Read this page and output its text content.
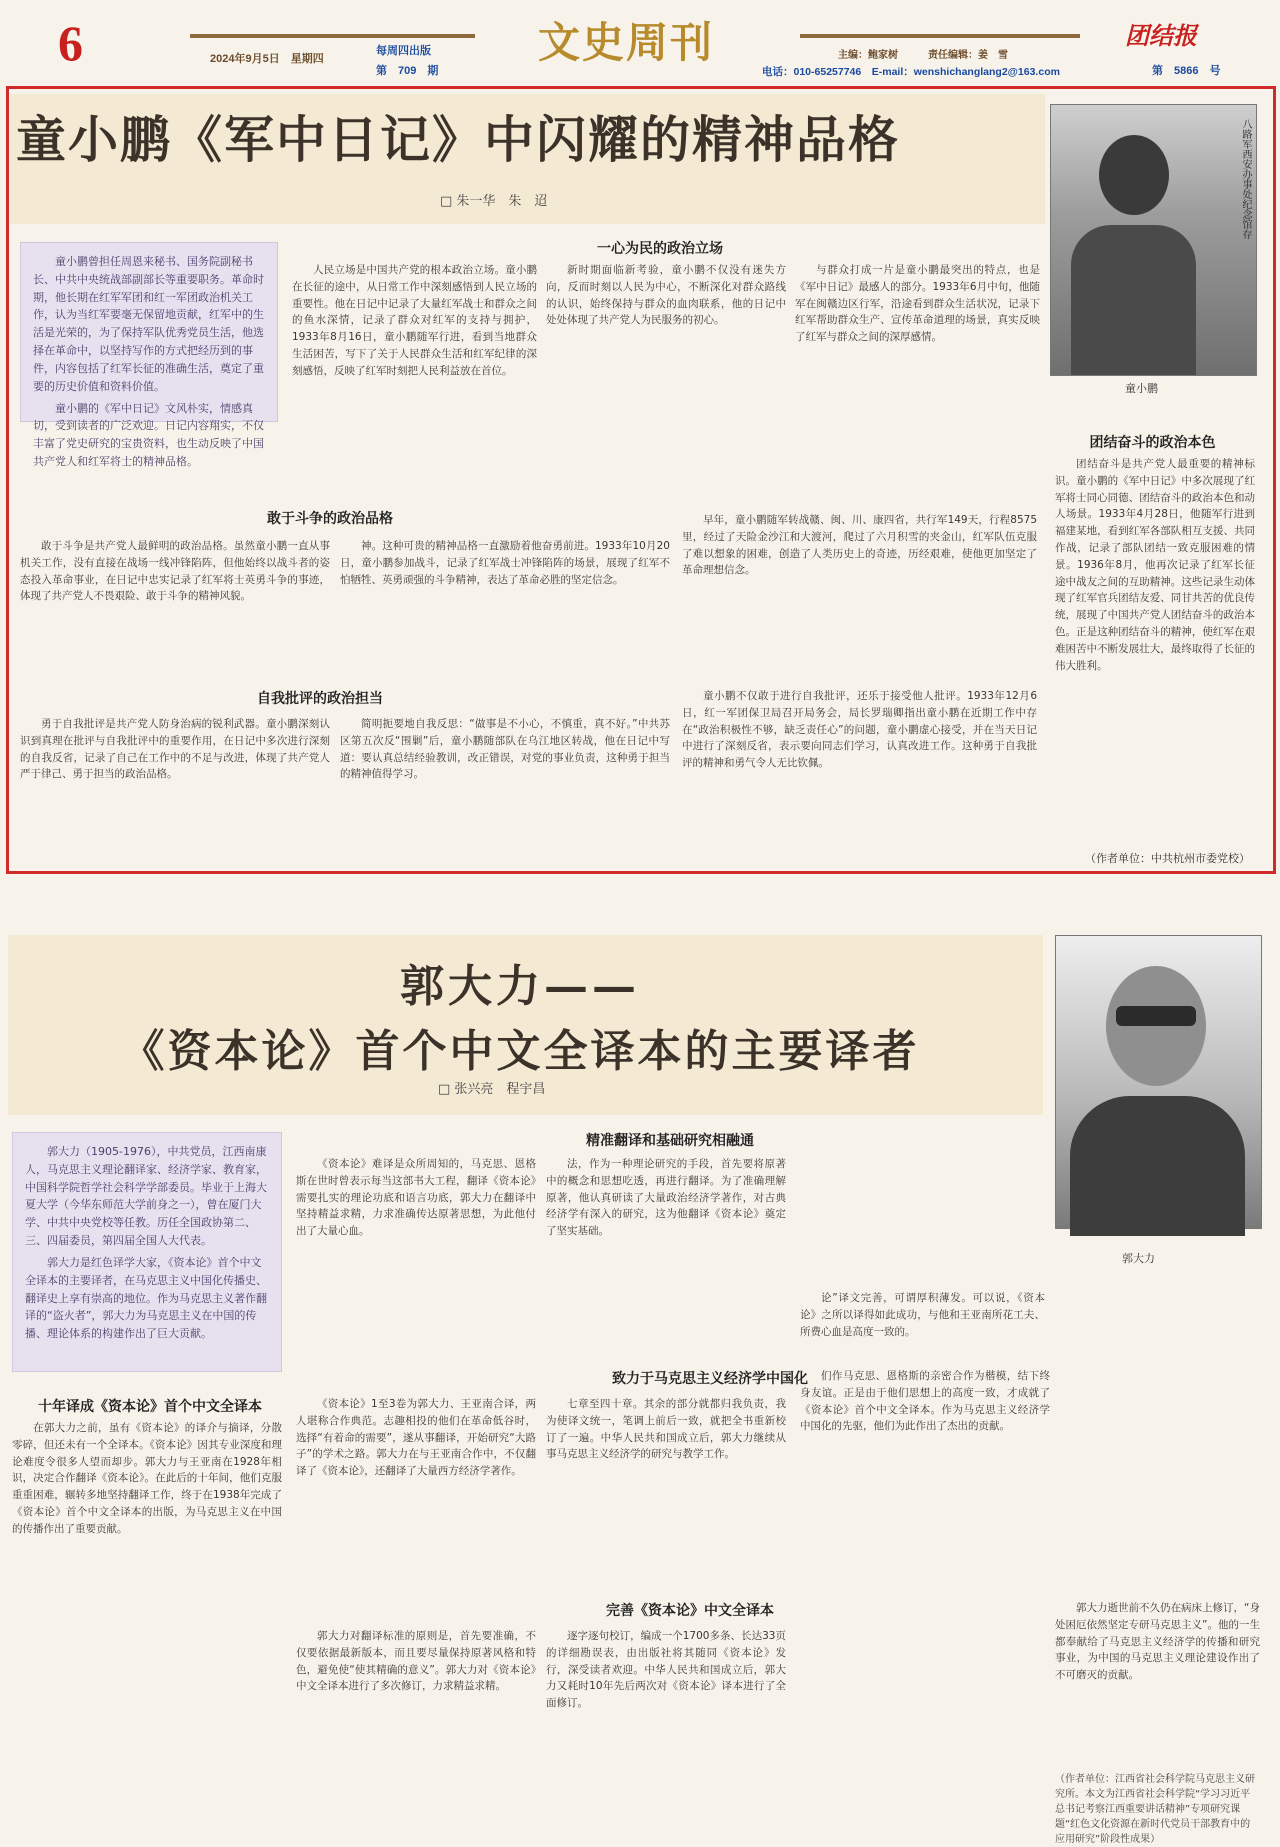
6	2024年9月5日　星期四
每周四出版
第　709　期
文史周刊	主编：鲍家树　　　责任编辑：姜　雪
电话：010-65257746　E-mail：wenshichanglang2@163.com
团结报
第　5866　号
童小鹏《军中日记》中闪耀的精神品格
□ 朱一华　朱　迢	八路军西安办事处纪念馆存
童小鹏

童小鹏曾担任周恩来秘书、国务院副秘书长、中共中央统战部副部长等重要职务。革命时期，他长期在红军军团和红一军团政治机关工作，认为当红军要毫无保留地贡献，红军中的生活是光荣的，为了保持军队优秀党员生活，他选择在革命中，以坚持写作的方式把经历到的事件，内容包括了红军长征的准确生活，奠定了重要的历史价值和资料价值。

童小鹏的《军中日记》文风朴实，情感真切，受到读者的广泛欢迎。日记内容翔实，不仅丰富了党史研究的宝贵资料，也生动反映了中国共产党人和红军将士的精神品格。

一心为民的政治立场

人民立场是中国共产党的根本政治立场。童小鹏在长征的途中，从日常工作中深刻感悟到人民立场的重要性。他在日记中记录了大量红军战士和群众之间的鱼水深情，记录了群众对红军的支持与拥护，1933年8月16日，童小鹏随军行进，看到当地群众生活困苦，写下了关于人民群众生活和红军纪律的深刻感悟，反映了红军时刻把人民利益放在首位。

新时期面临新考验，童小鹏不仅没有迷失方向，反而时刻以人民为中心，不断深化对群众路线的认识，始终保持与群众的血肉联系，他的日记中处处体现了共产党人为民服务的初心。

与群众打成一片是童小鹏最突出的特点，也是《军中日记》最感人的部分。1933年6月中旬，他随军在闽赣边区行军，沿途看到群众生活状况，记录下红军帮助群众生产、宣传革命道理的场景，真实反映了红军与群众之间的深厚感情。

团结奋斗的政治本色

团结奋斗是共产党人最重要的精神标识。童小鹏的《军中日记》中多次展现了红军将士同心同德、团结奋斗的政治本色和动人场景。1933年4月28日，他随军行进到福建某地，看到红军各部队相互支援、共同作战，记录了部队团结一致克服困难的情景。1936年8月，他再次记录了红军长征途中战友之间的互助精神。这些记录生动体现了红军官兵团结友爱、同甘共苦的优良传统，展现了中国共产党人团结奋斗的政治本色。正是这种团结奋斗的精神，使红军在艰难困苦中不断发展壮大，最终取得了长征的伟大胜利。

敢于斗争的政治品格

敢于斗争是共产党人最鲜明的政治品格。虽然童小鹏一直从事机关工作，没有直接在战场一线冲锋陷阵，但他始终以战斗者的姿态投入革命事业，在日记中忠实记录了红军将士英勇斗争的事迹，体现了共产党人不畏艰险、敢于斗争的精神风貌。

神。这种可贵的精神品格一直激励着他奋勇前进。1933年10月20日，童小鹏参加战斗，记录了红军战士冲锋陷阵的场景，展现了红军不怕牺牲、英勇顽强的斗争精神，表达了革命必胜的坚定信念。

早年，童小鹏随军转战赣、闽、川、康四省，共行军149天，行程8575里，经过了天险金沙江和大渡河，爬过了六月积雪的夹金山，红军队伍克服了难以想象的困难，创造了人类历史上的奇迹，历经艰难，使他更加坚定了革命理想信念。

自我批评的政治担当

勇于自我批评是共产党人防身治病的锐利武器。童小鹏深刻认识到真理在批评与自我批评中的重要作用，在日记中多次进行深刻的自我反省，记录了自己在工作中的不足与改进，体现了共产党人严于律己、勇于担当的政治品格。

简明扼要地自我反思：“做事是不小心，不慎重，真不好。”中共苏区第五次反“围剿”后，童小鹏随部队在乌江地区转战，他在日记中写道：要认真总结经验教训，改正错误，对党的事业负责，这种勇于担当的精神值得学习。

童小鹏不仅敢于进行自我批评，还乐于接受他人批评。1933年12月6日，红一军团保卫局召开局务会，局长罗瑞卿指出童小鹏在近期工作中存在“政治积极性不够，缺乏责任心”的问题，童小鹏虚心接受，并在当天日记中进行了深刻反省，表示要向同志们学习，认真改进工作。这种勇于自我批评的精神和勇气令人无比钦佩。

（作者单位：中共杭州市委党校）
郭大力——
《资本论》首个中文全译本的主要译者
□ 张兴亮　程宇昌
郭大力

郭大力（1905-1976），中共党员，江西南康人，马克思主义理论翻译家、经济学家、教育家，中国科学院哲学社会科学学部委员。毕业于上海大夏大学（今华东师范大学前身之一），曾在厦门大学、中共中央党校等任教。历任全国政协第二、三、四届委员，第四届全国人大代表。

郭大力是红色译学大家，《资本论》首个中文全译本的主要译者，在马克思主义中国化传播史、翻译史上享有崇高的地位。作为马克思主义著作翻译的“盗火者”，郭大力为马克思主义在中国的传播、理论体系的构建作出了巨大贡献。

精准翻译和基础研究相融通

《资本论》难译是众所周知的，马克思、恩格斯在世时曾表示每当这部书大工程，翻译《资本论》需要扎实的理论功底和语言功底，郭大力在翻译中坚持精益求精，力求准确传达原著思想，为此他付出了大量心血。

法，作为一种理论研究的手段，首先要将原著中的概念和思想吃透，再进行翻译。为了准确理解原著，他认真研读了大量政治经济学著作，对古典经济学有深入的研究，这为他翻译《资本论》奠定了坚实基础。

论”译文完善，可谓厚积薄发。可以说，《资本论》之所以译得如此成功，与他和王亚南所花工夫、所费心血是高度一致的。

十年译成《资本论》首个中文全译本

在郭大力之前，虽有《资本论》的译介与摘译，分散零碎，但还未有一个全译本。《资本论》因其专业深度和理论难度令很多人望而却步。郭大力与王亚南在1928年相识，决定合作翻译《资本论》。在此后的十年间，他们克服重重困难，辗转多地坚持翻译工作，终于在1938年完成了《资本论》首个中文全译本的出版，为马克思主义在中国的传播作出了重要贡献。

致力于马克思主义经济学中国化

《资本论》1至3卷为郭大力、王亚南合译，两人堪称合作典范。志趣相投的他们在革命低谷时，选择“有着命的需要”，遂从事翻译，开始研究“大路子”的学术之路。郭大力在与王亚南合作中，不仅翻译了《资本论》，还翻译了大量西方经济学著作。

七章至四十章。其余的部分就都归我负责，我为使译文统一，笔调上前后一致，就把全书重新校订了一遍。中华人民共和国成立后，郭大力继续从事马克思主义经济学的研究与教学工作。

们作马克思、恩格斯的亲密合作为楷模，结下终身友谊。正是由于他们思想上的高度一致，才成就了《资本论》首个中文全译本。作为马克思主义经济学中国化的先驱，他们为此作出了杰出的贡献。

完善《资本论》中文全译本

郭大力对翻译标准的原则是，首先要准确，不仅要依据最新版本，而且要尽量保持原著风格和特色，避免使“使其精确的意义”。郭大力对《资本论》中文全译本进行了多次修订，力求精益求精。

逐字逐句校订，编成一个1700多条、长达33页的详细勘误表，由出版社将其随同《资本论》发行，深受读者欢迎。中华人民共和国成立后，郭大力又耗时10年先后两次对《资本论》译本进行了全面修订。

郭大力逝世前不久仍在病床上修订，“身处困厄依然坚定专研马克思主义”。他的一生都奉献给了马克思主义经济学的传播和研究事业，为中国的马克思主义理论建设作出了不可磨灭的贡献。

（作者单位：江西省社会科学院马克思主义研究所。本文为江西省社会科学院“学习习近平总书记考察江西重要讲话精神”专项研究课题“红色文化资源在新时代党员干部教育中的应用研究”阶段性成果）
